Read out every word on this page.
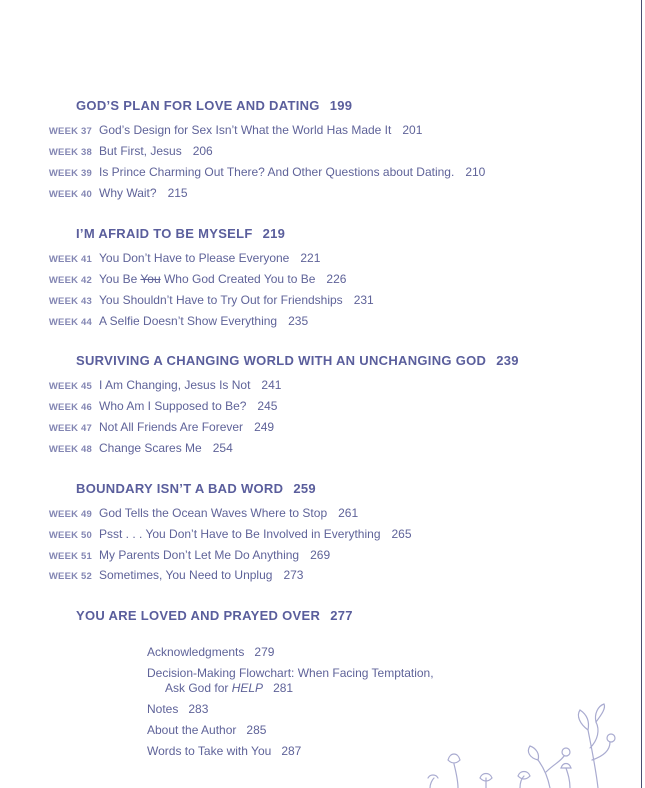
GOD’S PLAN FOR LOVE AND DATING 199
WEEK 37 God’s Design for Sex Isn’t What the World Has Made It 201
WEEK 38 But First, Jesus 206
WEEK 39 Is Prince Charming Out There? And Other Questions about Dating. 210
WEEK 40 Why Wait? 215
I’M AFRAID TO BE MYSELF 219
WEEK 41 You Don’t Have to Please Everyone 221
WEEK 42 You Be You Who God Created You to Be 226
WEEK 43 You Shouldn’t Have to Try Out for Friendships 231
WEEK 44 A Selfie Doesn’t Show Everything 235
SURVIVING A CHANGING WORLD WITH AN UNCHANGING GOD 239
WEEK 45 I Am Changing, Jesus Is Not 241
WEEK 46 Who Am I Supposed to Be? 245
WEEK 47 Not All Friends Are Forever 249
WEEK 48 Change Scares Me 254
BOUNDARY ISN’T A BAD WORD 259
WEEK 49 God Tells the Ocean Waves Where to Stop 261
WEEK 50 Psst . . . You Don’t Have to Be Involved in Everything 265
WEEK 51 My Parents Don’t Let Me Do Anything 269
WEEK 52 Sometimes, You Need to Unplug 273
YOU ARE LOVED AND PRAYED OVER 277
Acknowledgments 279
Decision-Making Flowchart: When Facing Temptation,
Ask God for HELP 281
Notes 283
About the Author 285
Words to Take with You 287
